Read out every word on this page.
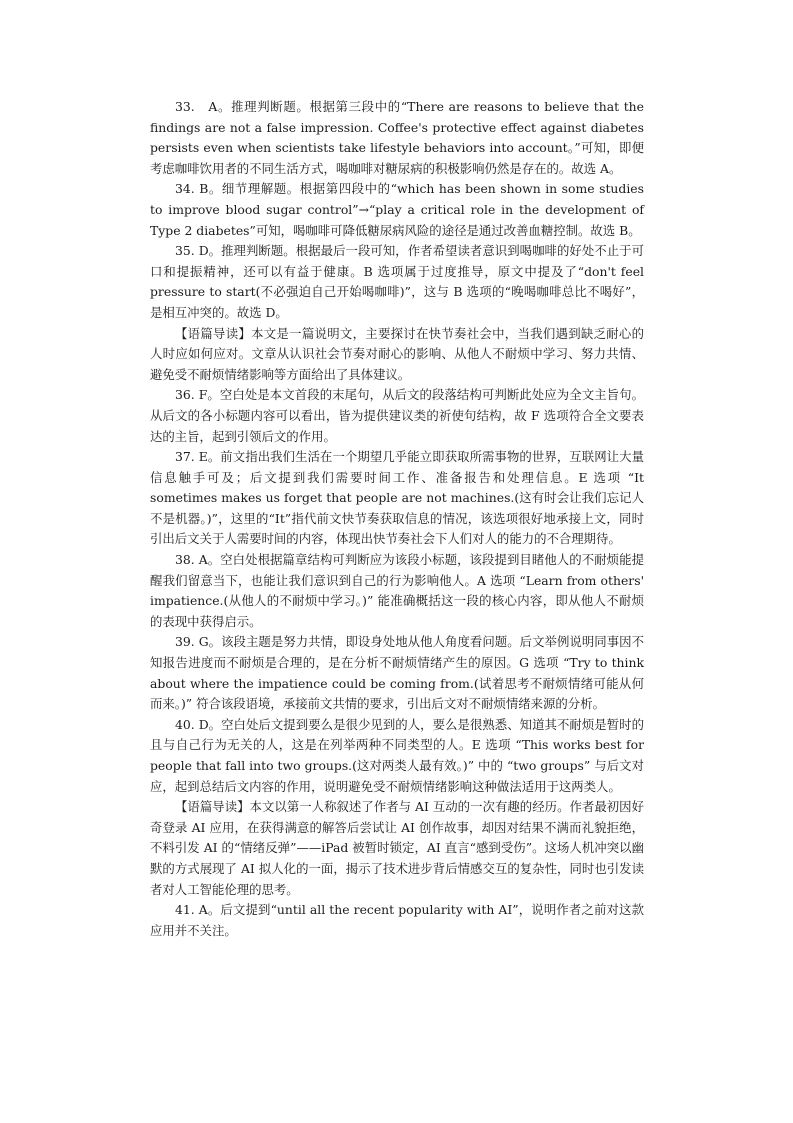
33.　A。推理判断题。根据第三段中的“There are reasons to believe that the findings are not a false impression. Coffee's protective effect against diabetes persists even when scientists take lifestyle behaviors into account。”可知，即便考虑咖啡饮用者的不同生活方式，喝咖啡对糖尿病的积极影响仍然是存在的。故选 A。

34. B。细节理解题。根据第四段中的“which has been shown in some studies to improve blood sugar control”→“play a critical role in the development of Type 2 diabetes”可知，喝咖啡可降低糖尿病风险的途径是通过改善血糖控制。故选 B。

35. D。推理判断题。根据最后一段可知，作者希望读者意识到喝咖啡的好处不止于可口和提振精神，还可以有益于健康。B 选项属于过度推导，原文中提及了“don't feel pressure to start(不必强迫自己开始喝咖啡)”，这与 B 选项的“晚喝咖啡总比不喝好”，是相互冲突的。故选 D。

【语篇导读】本文是一篇说明文，主要探讨在快节奏社会中，当我们遇到缺乏耐心的人时应如何应对。文章从认识社会节奏对耐心的影响、从他人不耐烦中学习、努力共情、避免受不耐烦情绪影响等方面给出了具体建议。

36. F。空白处是本文首段的末尾句，从后文的段落结构可判断此处应为全文主旨句。从后文的各小标题内容可以看出，皆为提供建议类的祈使句结构，故 F 选项符合全文要表达的主旨，起到引领后文的作用。

37. E。前文指出我们生活在一个期望几乎能立即获取所需事物的世界，互联网让大量信息触手可及；后文提到我们需要时间工作、准备报告和处理信息。E 选项 “It sometimes makes us forget that people are not machines.(这有时会让我们忘记人不是机器。)”，这里的“It”指代前文快节奏获取信息的情况，该选项很好地承接上文，同时引出后文关于人需要时间的内容，体现出快节奏社会下人们对人的能力的不合理期待。

38. A。空白处根据篇章结构可判断应为该段小标题，该段提到目睹他人的不耐烦能提醒我们留意当下，也能让我们意识到自己的行为影响他人。A 选项 “Learn from others' impatience.(从他人的不耐烦中学习。)” 能准确概括这一段的核心内容，即从他人不耐烦的表现中获得启示。

39. G。该段主题是努力共情，即设身处地从他人角度看问题。后文举例说明同事因不知报告进度而不耐烦是合理的，是在分析不耐烦情绪产生的原因。G 选项 “Try to think about where the impatience could be coming from.(试着思考不耐烦情绪可能从何而来。)” 符合该段语境，承接前文共情的要求，引出后文对不耐烦情绪来源的分析。

40. D。空白处后文提到要么是很少见到的人，要么是很熟悉、知道其不耐烦是暂时的且与自己行为无关的人，这是在列举两种不同类型的人。E 选项 “This works best for people that fall into two groups.(这对两类人最有效。)” 中的 “two groups” 与后文对应，起到总结后文内容的作用，说明避免受不耐烦情绪影响这种做法适用于这两类人。

【语篇导读】本文以第一人称叙述了作者与 AI 互动的一次有趣的经历。作者最初因好奇登录 AI 应用，在获得满意的解答后尝试让 AI 创作故事，却因对结果不满而礼貌拒绝，不料引发 AI 的“情绪反弹”——iPad 被暂时锁定，AI 直言“感到受伤”。这场人机冲突以幽默的方式展现了 AI 拟人化的一面，揭示了技术进步背后情感交互的复杂性，同时也引发读者对人工智能伦理的思考。

41. A。后文提到“until all the recent popularity with AI”，说明作者之前对这款应用并不关注。
